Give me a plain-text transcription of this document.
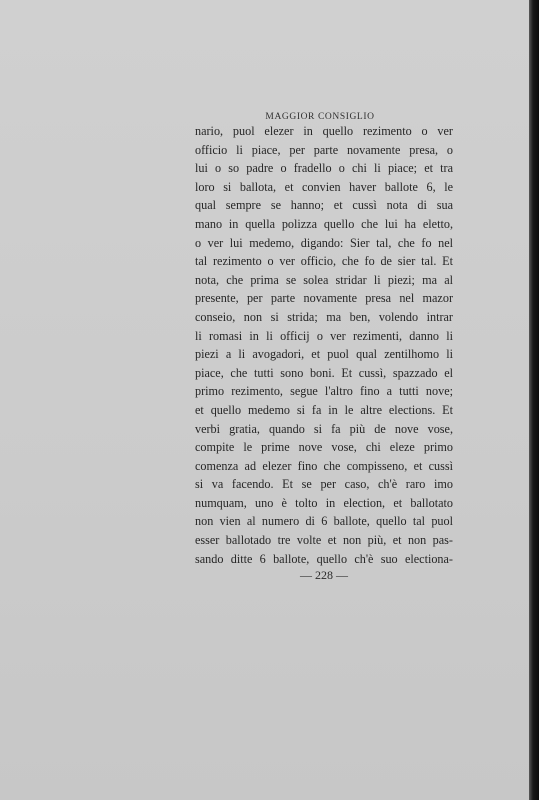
MAGGIOR CONSIGLIO
nario, puol elezer in quello rezimento o ver
officio li piace, per parte novamente presa, o
lui o so padre o fradello o chi li piace; et tra
loro si ballota, et convien haver ballote 6, le
qual sempre se hanno; et cussì nota di sua
mano in quella polizza quello che lui ha eletto,
o ver lui medemo, digando: Sier tal, che fo nel
tal rezimento o ver officio, che fo de sier tal. Et
nota, che prima se solea stridar li piezi; ma al
presente, per parte novamente presa nel mazor
conseio, non si strida; ma ben, volendo intrar
li romasi in li officij o ver rezimenti, danno li
piezi a li avogadori, et puol qual zentilhomo li
piace, che tutti sono boni. Et cussì, spazzado el
primo rezimento, segue l'altro fino a tutti nove;
et quello medemo si fa in le altre elections. Et
verbi gratia, quando si fa più de nove vose,
compite le prime nove vose, chi eleze primo
comenza ad elezer fino che compisseno, et cussì
si va facendo. Et se per caso, ch'è raro imo
numquam, uno è tolto in election, et ballotato
non vien al numero di 6 ballote, quello tal puol
esser ballotado tre volte et non più, et non pas-
sando ditte 6 ballote, quello ch'è suo electiona-
— 228 —
